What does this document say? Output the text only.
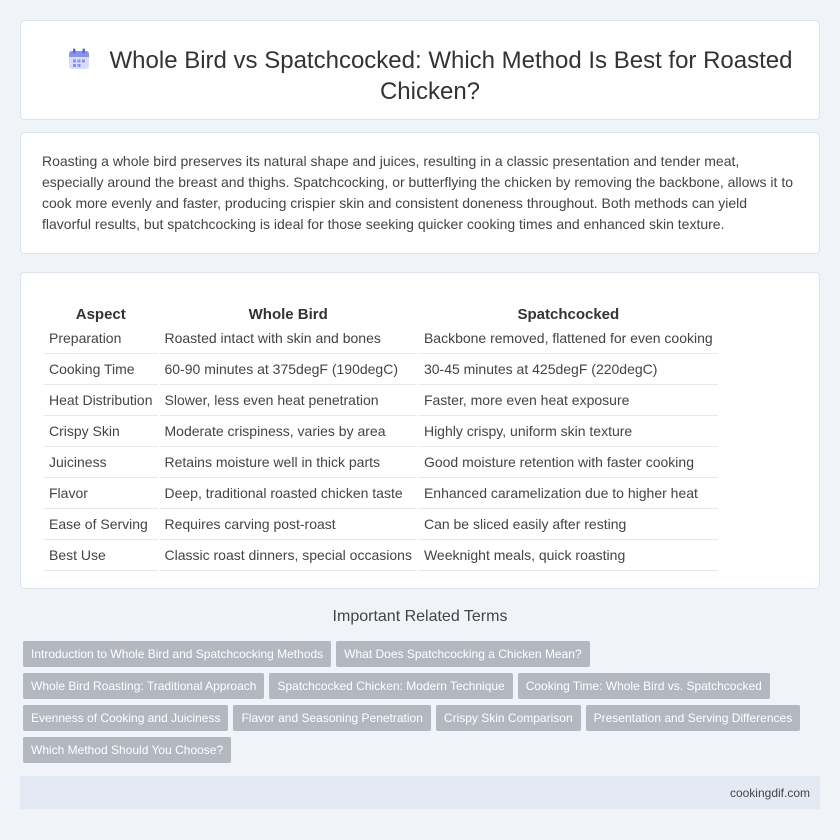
Whole Bird vs Spatchcocked: Which Method Is Best for Roasted Chicken?
Roasting a whole bird preserves its natural shape and juices, resulting in a classic presentation and tender meat, especially around the breast and thighs. Spatchcocking, or butterflying the chicken by removing the backbone, allows it to cook more evenly and faster, producing crispier skin and consistent doneness throughout. Both methods can yield flavorful results, but spatchcocking is ideal for those seeking quicker cooking times and enhanced skin texture.
Aspect	Whole Bird	Spatchcocked
Preparation	Roasted intact with skin and bones	Backbone removed, flattened for even cooking
Cooking Time	60-90 minutes at 375degF (190degC)	30-45 minutes at 425degF (220degC)
Heat Distribution	Slower, less even heat penetration	Faster, more even heat exposure
Crispy Skin	Moderate crispiness, varies by area	Highly crispy, uniform skin texture
Juiciness	Retains moisture well in thick parts	Good moisture retention with faster cooking
Flavor	Deep, traditional roasted chicken taste	Enhanced caramelization due to higher heat
Ease of Serving	Requires carving post-roast	Can be sliced easily after resting
Best Use	Classic roast dinners, special occasions	Weeknight meals, quick roasting
Important Related Terms
Introduction to Whole Bird and Spatchcocking Methods What Does Spatchcocking a Chicken Mean?
Whole Bird Roasting: Traditional Approach Spatchcocked Chicken: Modern Technique Cooking Time: Whole Bird vs. Spatchcocked
Evenness of Cooking and Juiciness Flavor and Seasoning Penetration Crispy Skin Comparison Presentation and Serving Differences
Which Method Should You Choose?
cookingdif.com
